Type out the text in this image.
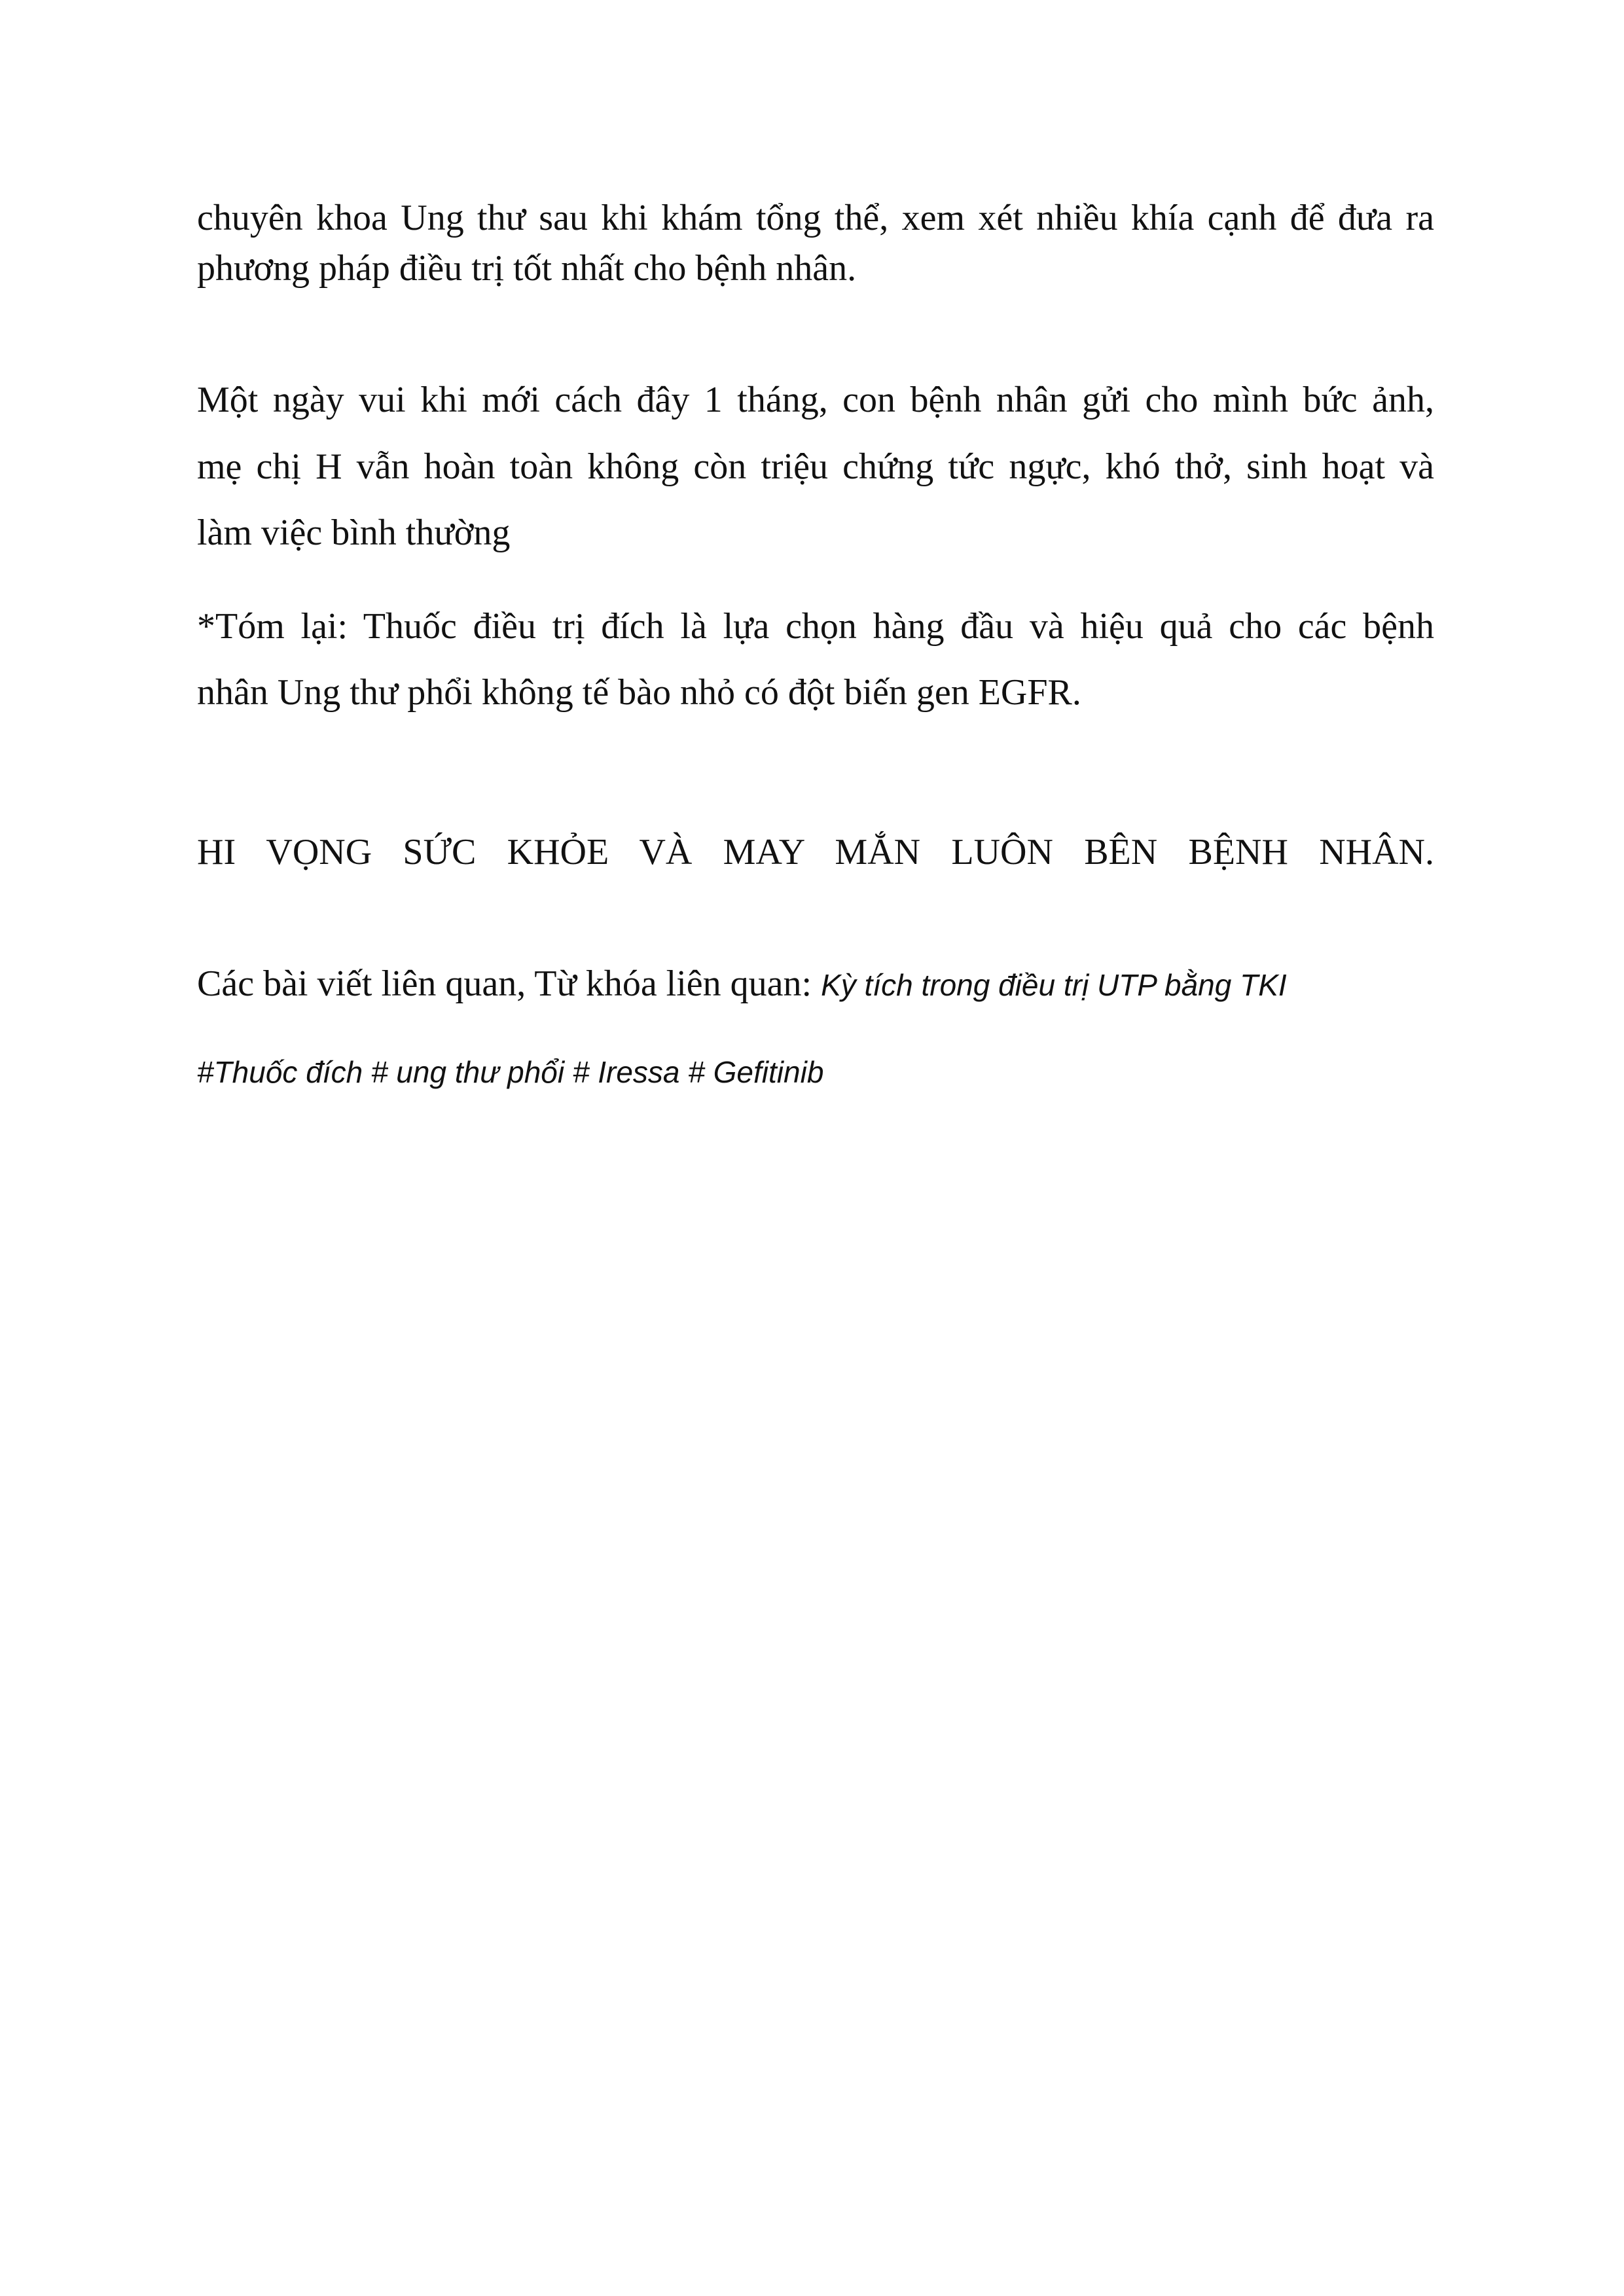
chuyên khoa Ung thư sau khi khám tổng thể, xem xét nhiều khía cạnh để đưa ra
phương pháp điều trị tốt nhất cho bệnh nhân.
Một ngày vui khi mới cách đây 1 tháng, con bệnh nhân gửi cho mình bức ảnh,
mẹ chị H vẫn hoàn toàn không còn triệu chứng tức ngực, khó thở, sinh hoạt và
làm việc bình thường
*Tóm lại: Thuốc điều trị đích là lựa chọn hàng đầu và hiệu quả cho các bệnh
nhân Ung thư phổi không tế bào nhỏ có đột biến gen EGFR.
HI VỌNG SỨC KHỎE VÀ MAY MẮN LUÔN BÊN BỆNH NHÂN.
Các bài viết liên quan, Từ khóa liên quan: Kỳ tích trong điều trị UTP bằng TKI
#Thuốc đích # ung thư phổi # Iressa # Gefitinib
